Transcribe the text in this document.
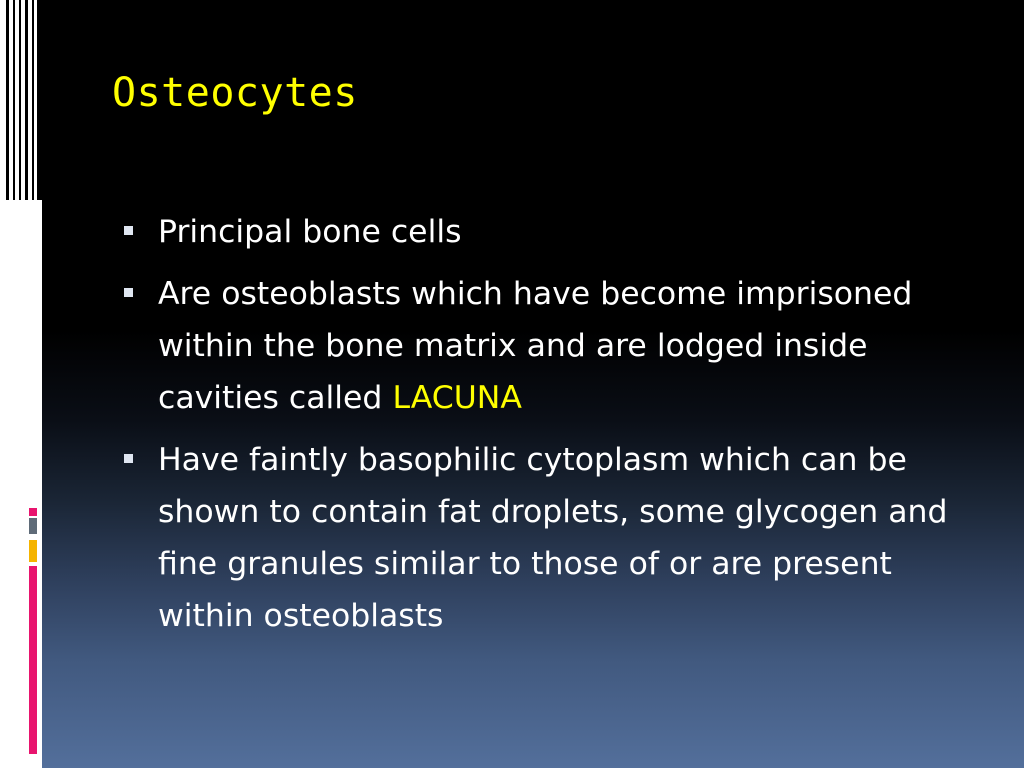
Osteocytes
Principal bone cells
Are osteoblasts which have become imprisoned within the bone matrix and are lodged inside cavities called LACUNA
Have faintly basophilic cytoplasm which can be shown to contain fat droplets, some glycogen and fine granules similar to those of or are present within osteoblasts
